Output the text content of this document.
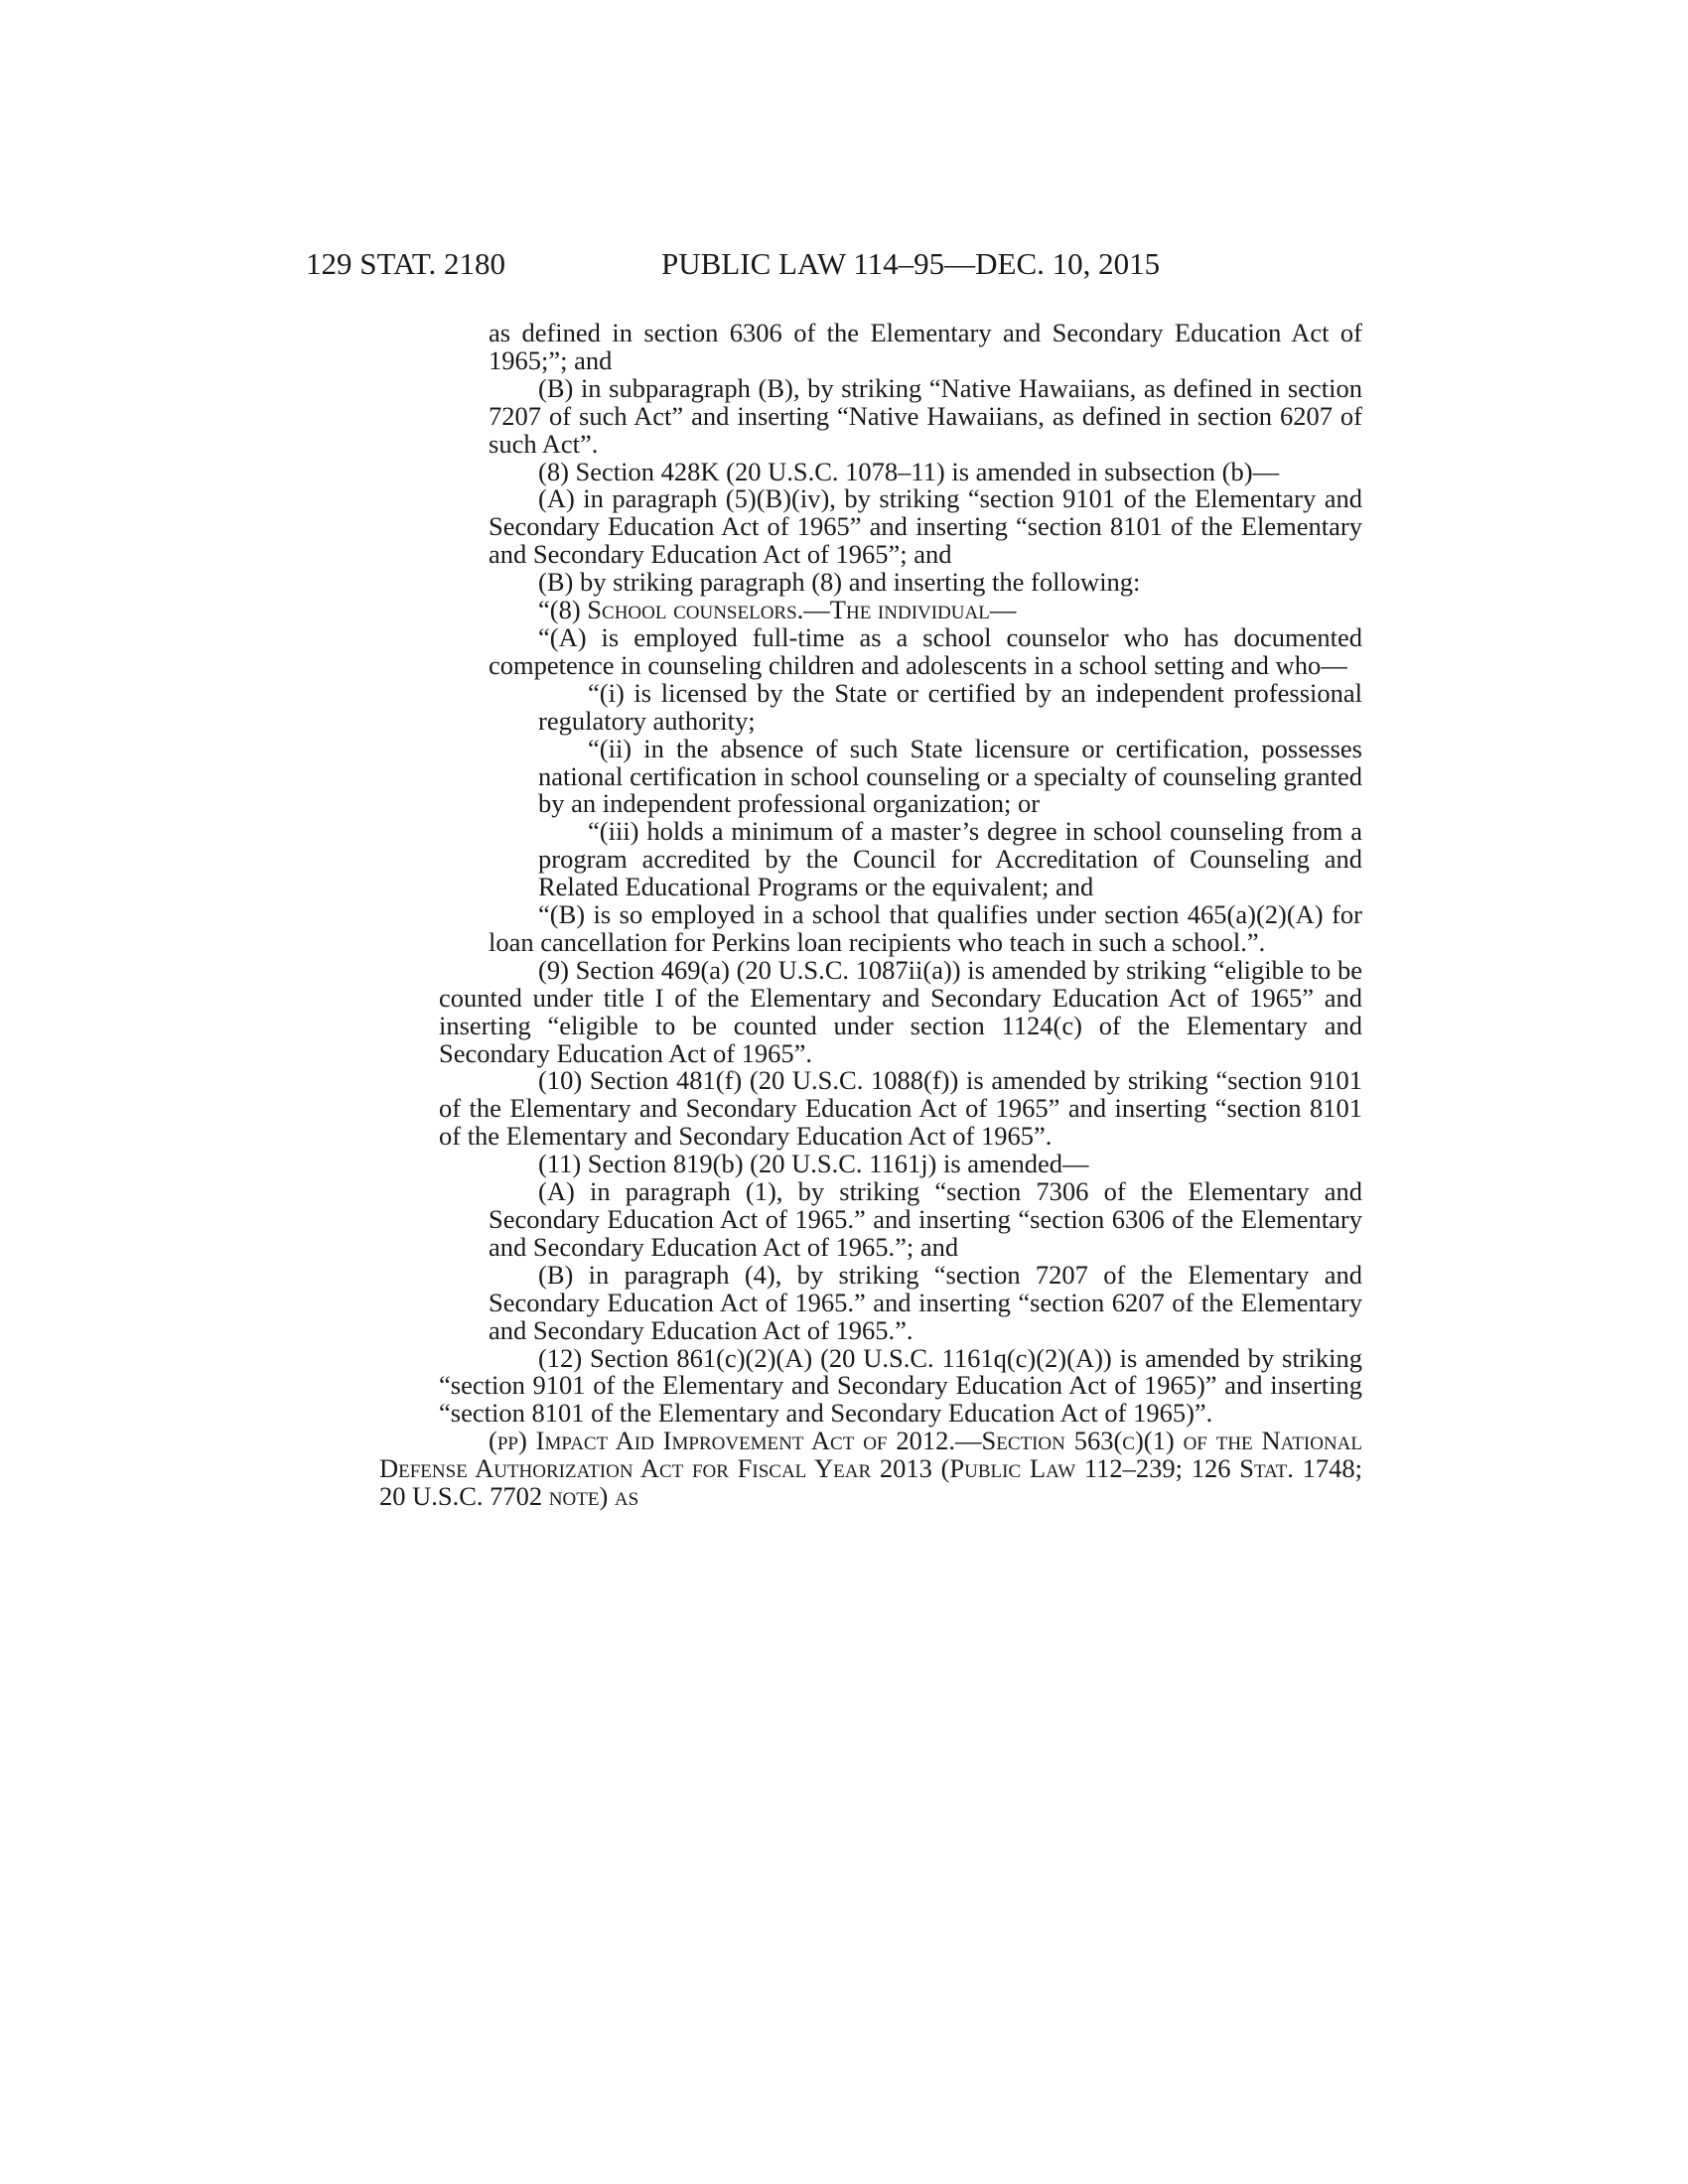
129 STAT. 2180	PUBLIC LAW 114–95—DEC. 10, 2015

as defined in section 6306 of the Elementary and Secondary Education Act of 1965;”; and

(B) in subparagraph (B), by striking “Native Hawaiians, as defined in section 7207 of such Act” and inserting “Native Hawaiians, as defined in section 6207 of such Act”.

(8) Section 428K (20 U.S.C. 1078–11) is amended in subsection (b)—

(A) in paragraph (5)(B)(iv), by striking “section 9101 of the Elementary and Secondary Education Act of 1965” and inserting “section 8101 of the Elementary and Secondary Education Act of 1965”; and

(B) by striking paragraph (8) and inserting the following:

“(8) School counselors.—The individual—

“(A) is employed full-time as a school counselor who has documented competence in counseling children and adolescents in a school setting and who—

“(i) is licensed by the State or certified by an independent professional regulatory authority;

“(ii) in the absence of such State licensure or certification, possesses national certification in school counseling or a specialty of counseling granted by an independent professional organization; or

“(iii) holds a minimum of a master’s degree in school counseling from a program accredited by the Council for Accreditation of Counseling and Related Educational Programs or the equivalent; and

“(B) is so employed in a school that qualifies under section 465(a)(2)(A) for loan cancellation for Perkins loan recipients who teach in such a school.”.

(9) Section 469(a) (20 U.S.C. 1087ii(a)) is amended by striking “eligible to be counted under title I of the Elementary and Secondary Education Act of 1965” and inserting “eligible to be counted under section 1124(c) of the Elementary and Secondary Education Act of 1965”.

(10) Section 481(f) (20 U.S.C. 1088(f)) is amended by striking “section 9101 of the Elementary and Secondary Education Act of 1965” and inserting “section 8101 of the Elementary and Secondary Education Act of 1965”.

(11) Section 819(b) (20 U.S.C. 1161j) is amended—

(A) in paragraph (1), by striking “section 7306 of the Elementary and Secondary Education Act of 1965.” and inserting “section 6306 of the Elementary and Secondary Education Act of 1965.”; and

(B) in paragraph (4), by striking “section 7207 of the Elementary and Secondary Education Act of 1965.” and inserting “section 6207 of the Elementary and Secondary Education Act of 1965.”.

(12) Section 861(c)(2)(A) (20 U.S.C. 1161q(c)(2)(A)) is amended by striking “section 9101 of the Elementary and Secondary Education Act of 1965)” and inserting “section 8101 of the Elementary and Secondary Education Act of 1965)”.

(pp) Impact Aid Improvement Act of 2012.—Section 563(c)(1) of the National Defense Authorization Act for Fiscal Year 2013 (Public Law 112–239; 126 Stat. 1748; 20 U.S.C. 7702 note) as
